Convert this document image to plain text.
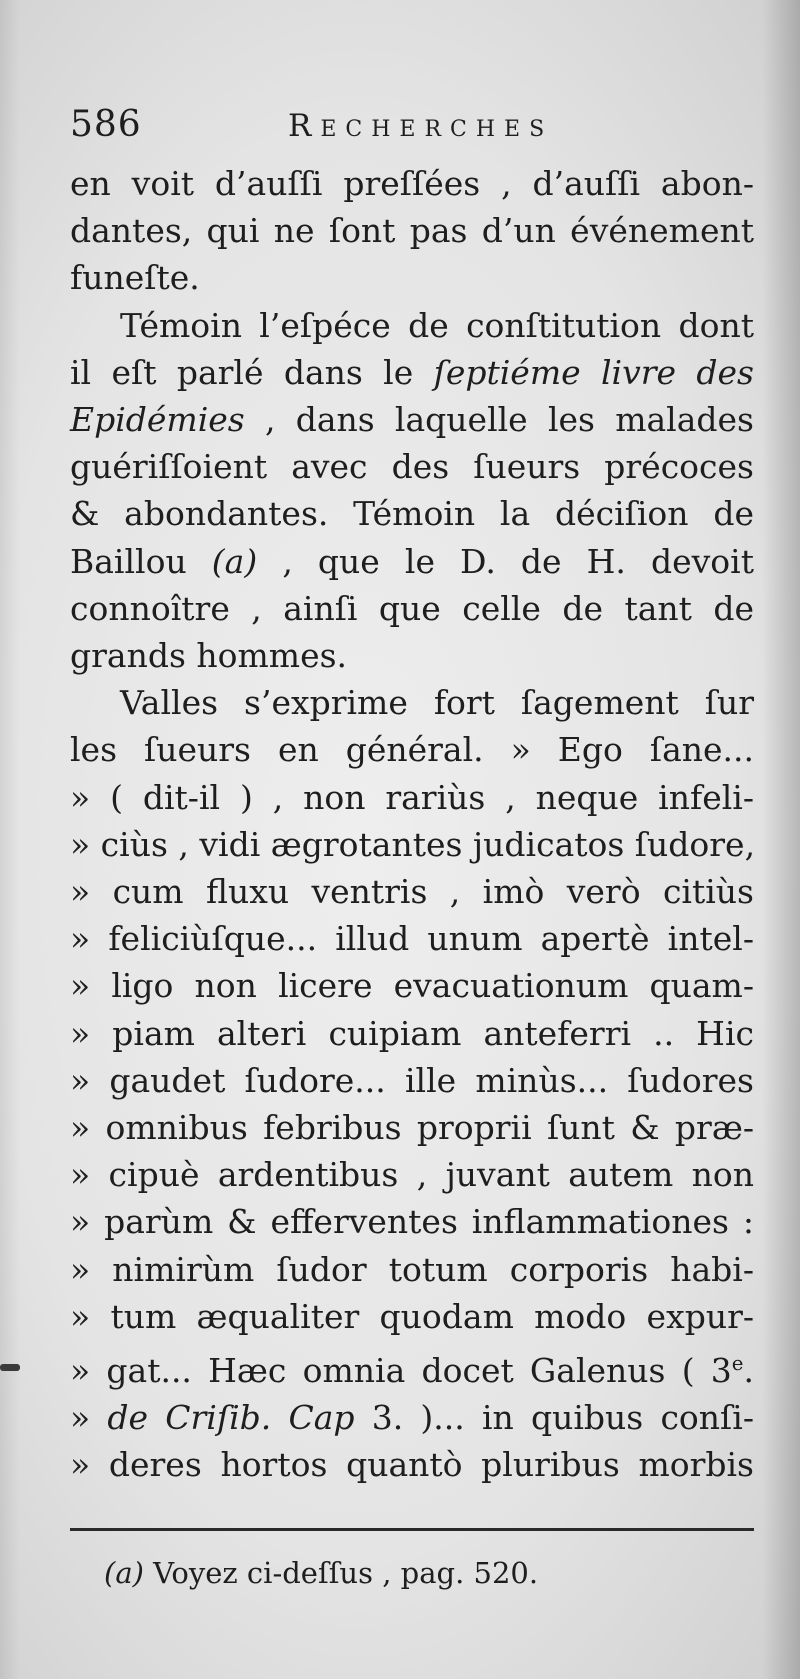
586	Recherches
en voit d’auſſi preſſées , d’auſſi abon-
dantes, qui ne ſont pas d’un événement
funeſte.
Témoin l’eſpéce de conſtitution dont
il eſt parlé dans le ſeptiéme livre des
Epidémies , dans laquelle les malades
guériſſoient avec des ſueurs précoces
& abondantes. Témoin la déciſion de
Baillou (a) , que le D. de H. devoit
connoître , ainſi que celle de tant de
grands hommes.
Valles s’exprime fort ſagement ſur
les ſueurs en général. » Ego ſane...
» ( dit-il ) , non rariùs , neque infeli-
» ciùs , vidi ægrotantes judicatos ſudore,
» cum fluxu ventris , imò verò citiùs
» feliciùſque... illud unum apertè intel-
» ligo non licere evacuationum quam-
» piam alteri cuipiam anteferri .. Hic
» gaudet ſudore... ille minùs... ſudores
» omnibus febribus proprii ſunt & præ-
» cipuè ardentibus , juvant autem non
» parùm & efferventes inflammationes :
» nimirùm ſudor totum corporis habi-
» tum æqualiter quodam modo expur-
» gat... Hæc omnia docet Galenus ( 3e.
» de Criſib. Cap 3. )... in quibus conſi-
» deres hortos quantò pluribus morbis
(a) Voyez ci-deſſus , pag. 520.
